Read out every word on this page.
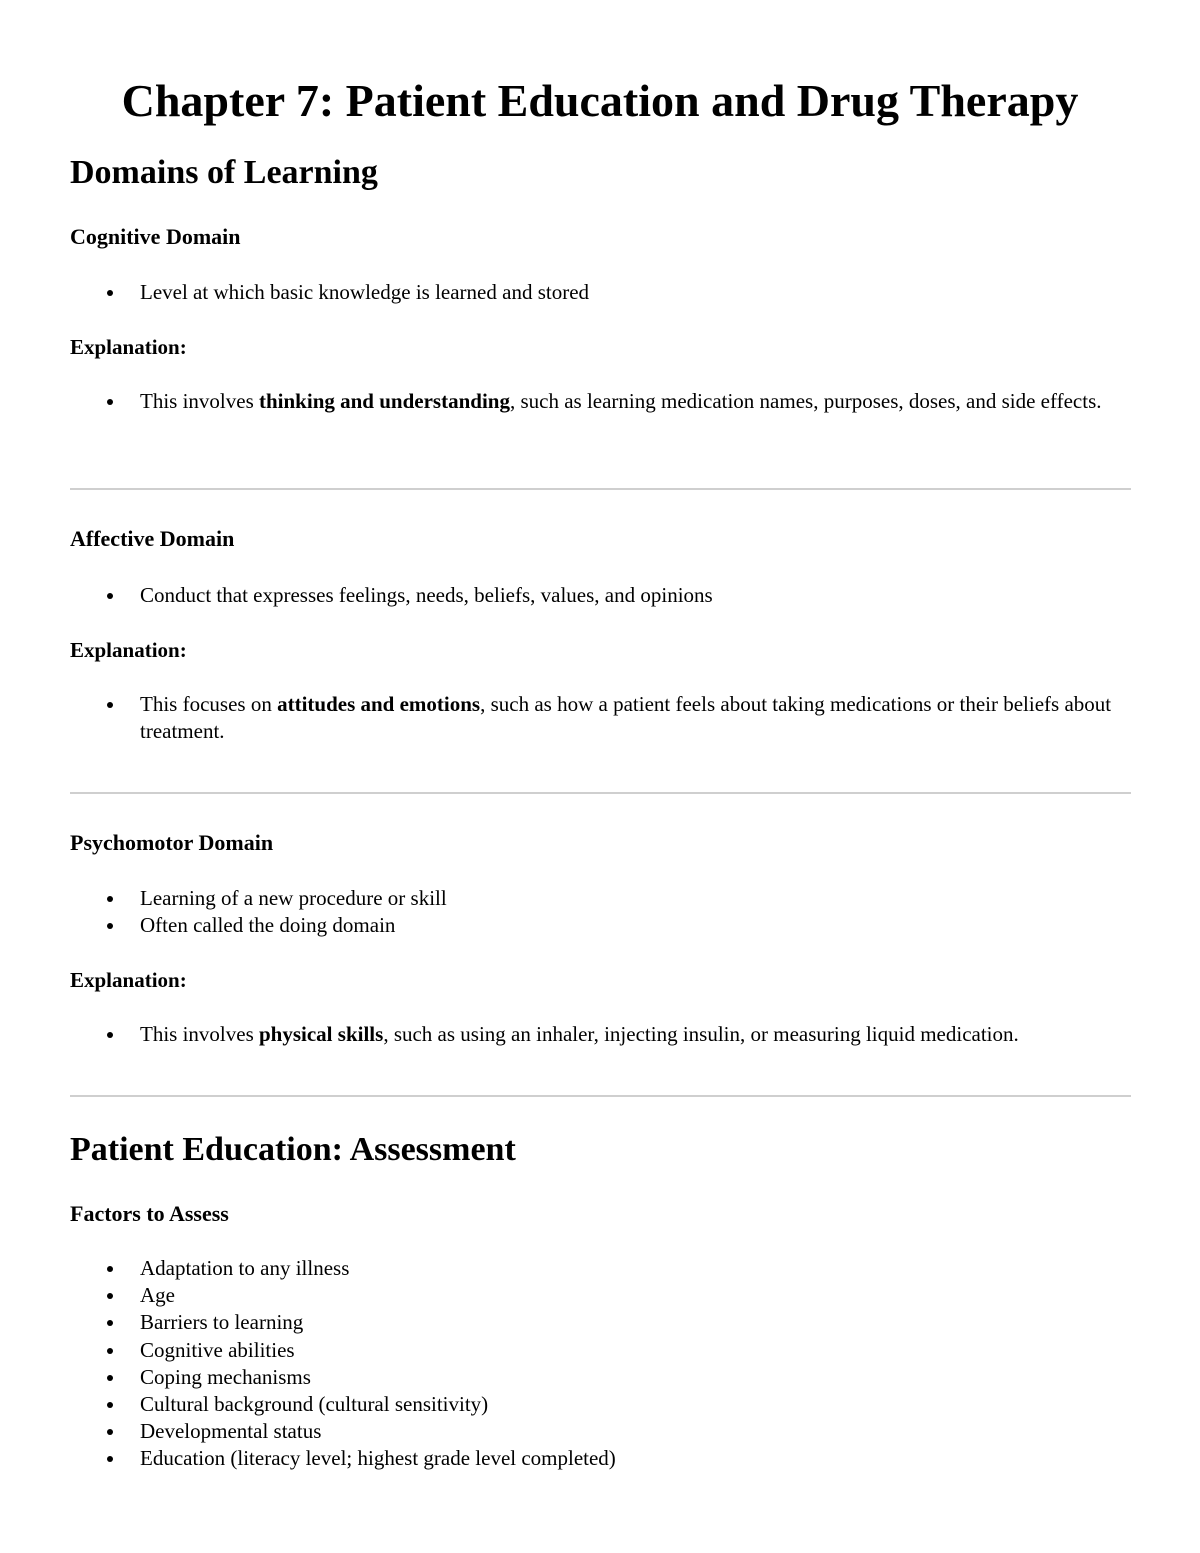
Chapter 7: Patient Education and Drug Therapy
Domains of Learning
Cognitive Domain
Level at which basic knowledge is learned and stored
Explanation:
This involves thinking and understanding, such as learning medication names, purposes, doses, and side effects.
Affective Domain
Conduct that expresses feelings, needs, beliefs, values, and opinions
Explanation:
This focuses on attitudes and emotions, such as how a patient feels about taking medications or their beliefs about treatment.
Psychomotor Domain
Learning of a new procedure or skill
Often called the doing domain
Explanation:
This involves physical skills, such as using an inhaler, injecting insulin, or measuring liquid medication.
Patient Education: Assessment
Factors to Assess
Adaptation to any illness
Age
Barriers to learning
Cognitive abilities
Coping mechanisms
Cultural background (cultural sensitivity)
Developmental status
Education (literacy level; highest grade level completed)
